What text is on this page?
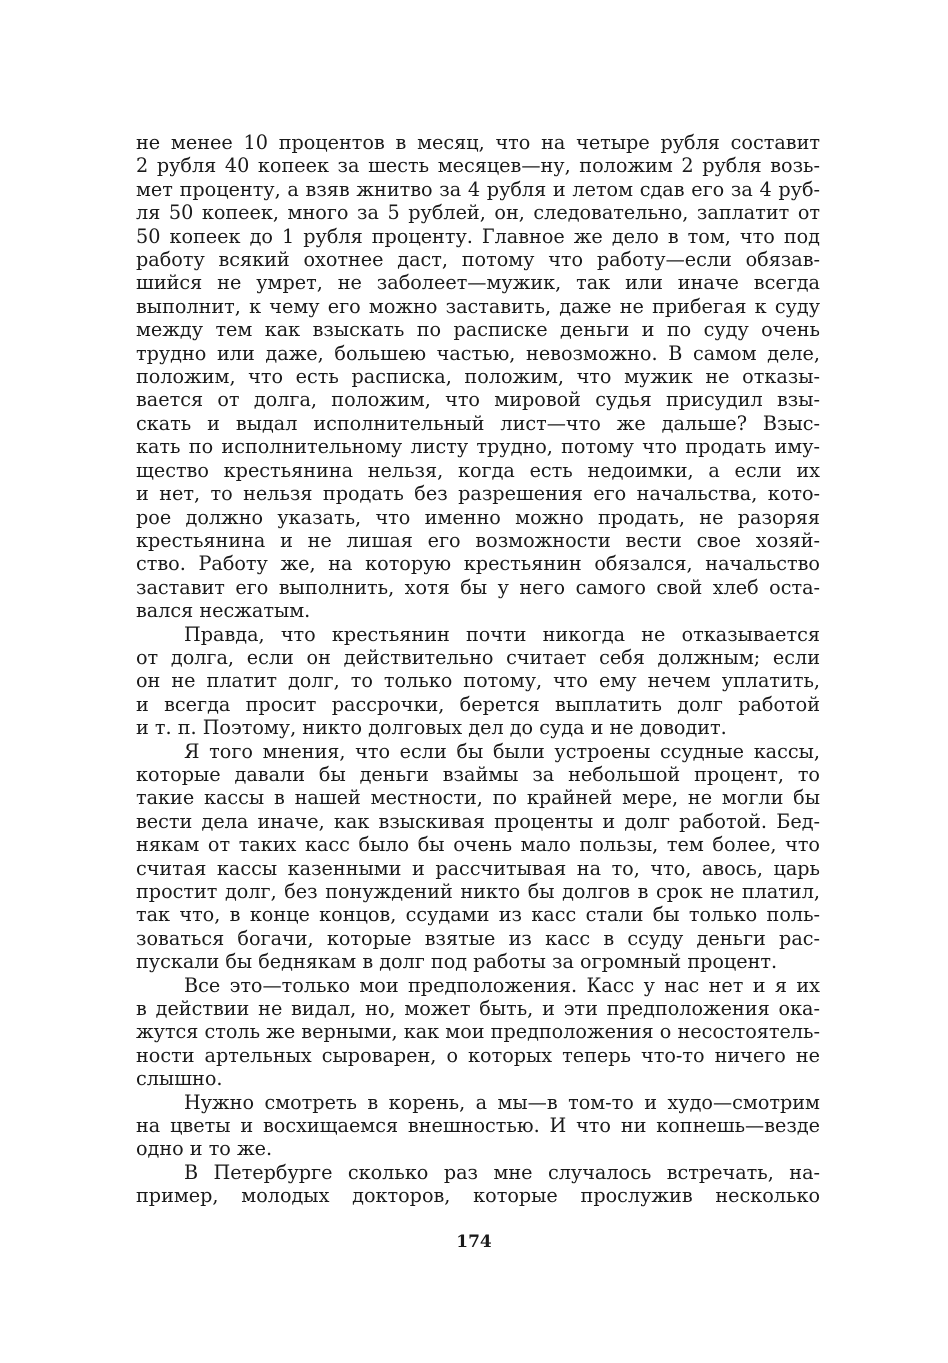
не менее 10 процентов в месяц, что на четыре рубля составит
2 рубля 40 копеек за шесть месяцев—ну, положим 2 рубля возь-
мет проценту, а взяв жнитво за 4 рубля и летом сдав его за 4 руб-
ля 50 копеек, много за 5 рублей, он, следовательно, заплатит от
50 копеек до 1 рубля проценту. Главное же дело в том, что под
работу всякий охотнее даст, потому что работу—если обязав-
шийся не умрет, не заболеет—мужик, так или иначе всегда
выполнит, к чему его можно заставить, даже не прибегая к суду
между тем как взыскать по расписке деньги и по суду очень
трудно или даже, большею частью, невозможно. В самом деле,
положим, что есть расписка, положим, что мужик не отказы-
вается от долга, положим, что мировой судья присудил взы-
скать и выдал исполнительный лист—что же дальше? Взыс-
кать по исполнительному листу трудно, потому что продать иму-
щество крестьянина нельзя, когда есть недоимки, а если их
и нет, то нельзя продать без разрешения его начальства, кото-
рое должно указать, что именно можно продать, не разоряя
крестьянина и не лишая его возможности вести свое хозяй-
ство. Работу же, на которую крестьянин обязался, начальство
заставит его выполнить, хотя бы у него самого свой хлеб оста-
вался несжатым.
Правда, что крестьянин почти никогда не отказывается
от долга, если он действительно считает себя должным; если
он не платит долг, то только потому, что ему нечем уплатить,
и всегда просит рассрочки, берется выплатить долг работой
и т. п. Поэтому, никто долговых дел до суда и не доводит.
Я того мнения, что если бы были устроены ссудные кассы,
которые давали бы деньги взаймы за небольшой процент, то
такие кассы в нашей местности, по крайней мере, не могли бы
вести дела иначе, как взыскивая проценты и долг работой. Бед-
някам от таких касс было бы очень мало пользы, тем более, что
считая кассы казенными и рассчитывая на то, что, авось, царь
простит долг, без понуждений никто бы долгов в срок не платил,
так что, в конце концов, ссудами из касс стали бы только поль-
зоваться богачи, которые взятые из касс в ссуду деньги рас-
пускали бы беднякам в долг под работы за огромный процент.
Все это—только мои предположения. Касс у нас нет и я их
в действии не видал, но, может быть, и эти предположения ока-
жутся столь же верными, как мои предположения о несостоятель-
ности артельных сыроварен, о которых теперь что-то ничего не
слышно.
Нужно смотреть в корень, а мы—в том-то и худо—смотрим
на цветы и восхищаемся внешностью. И что ни копнешь—везде
одно и то же.
В Петербурге сколько раз мне случалось встречать, на-
пример, молодых докторов, которые прослужив несколько
174
